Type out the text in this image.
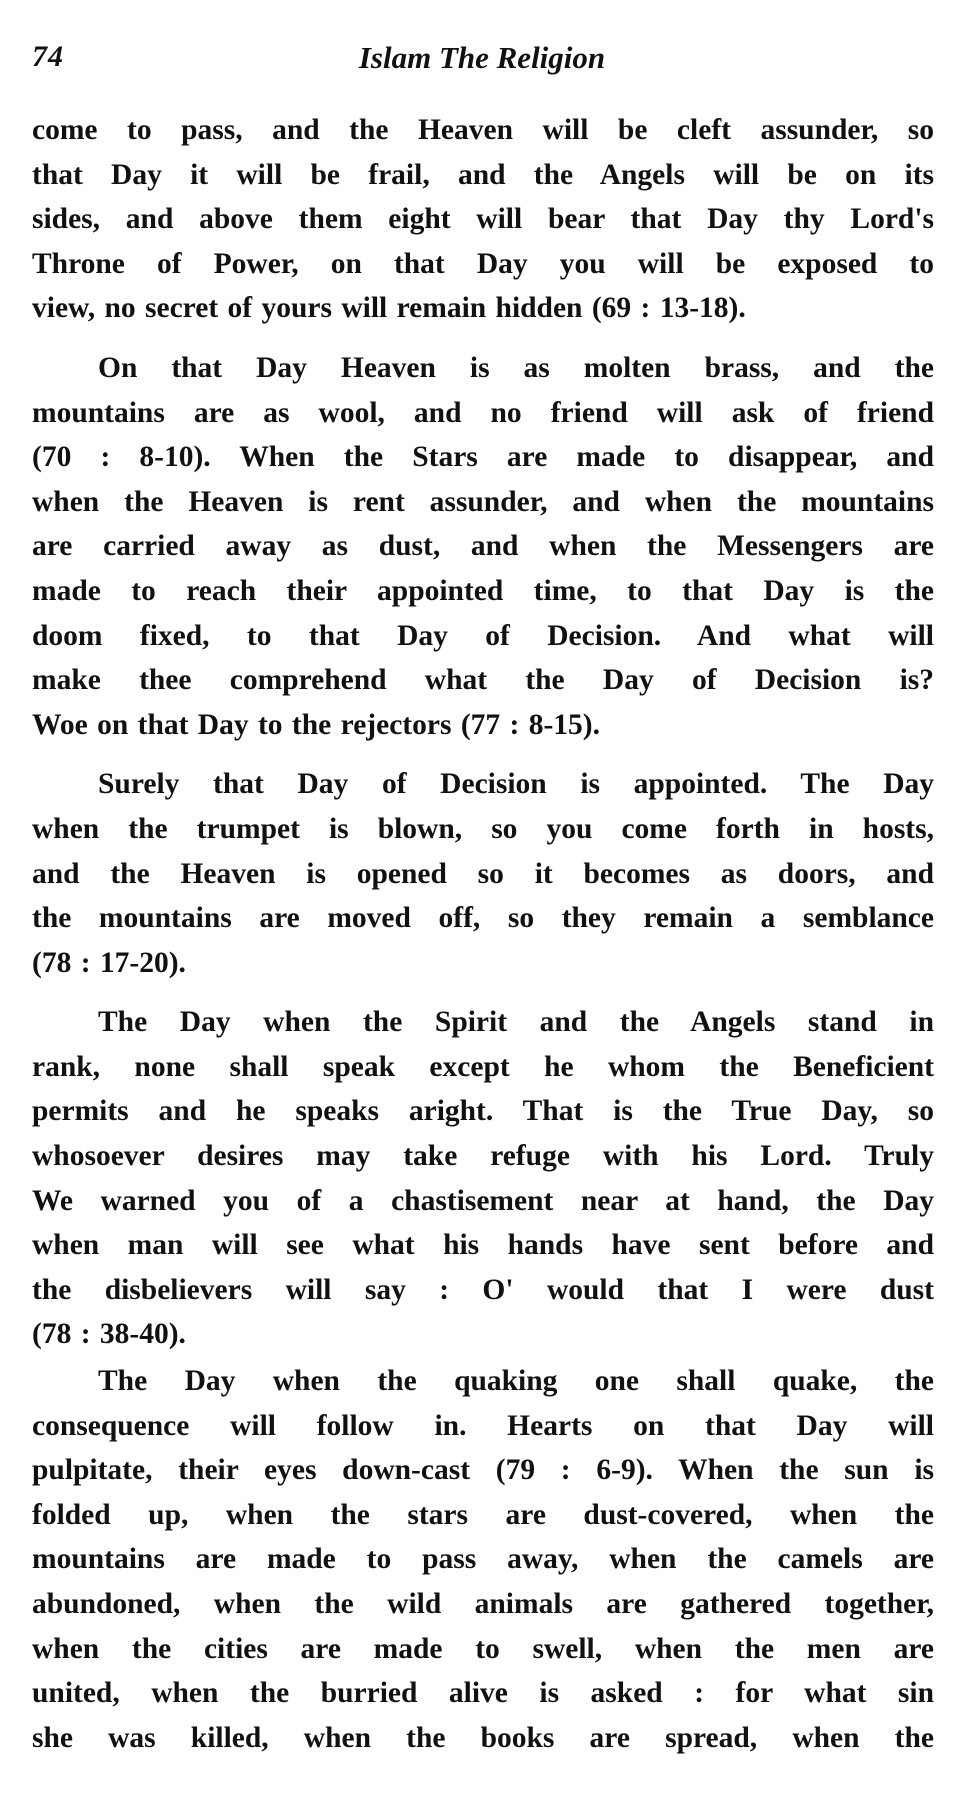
74	Islam The Religion

come to pass, and the Heaven will be cleft assunder, so
that Day it will be frail, and the Angels will be on its
sides, and above them eight will bear that Day thy Lord's
Throne of Power, on that Day you will be exposed to
view, no secret of yours will remain hidden (69 : 13-18).

On that Day Heaven is as molten brass, and the
mountains are as wool, and no friend will ask of friend
(70 : 8-10). When the Stars are made to disappear, and
when the Heaven is rent assunder, and when the mountains
are carried away as dust, and when the Messengers are
made to reach their appointed time, to that Day is the
doom fixed, to that Day of Decision. And what will
make thee comprehend what the Day of Decision is?
Woe on that Day to the rejectors (77 : 8-15).

Surely that Day of Decision is appointed. The Day
when the trumpet is blown, so you come forth in hosts,
and the Heaven is opened so it becomes as doors, and
the mountains are moved off, so they remain a semblance
(78 : 17-20).

The Day when the Spirit and the Angels stand in
rank, none shall speak except he whom the Beneficient
permits and he speaks aright. That is the True Day, so
whosoever desires may take refuge with his Lord. Truly
We warned you of a chastisement near at hand, the Day
when man will see what his hands have sent before and
the disbelievers will say : O' would that I were dust
(78 : 38-40).

The Day when the quaking one shall quake, the
consequence will follow in. Hearts on that Day will
pulpitate, their eyes down-cast (79 : 6-9). When the sun is
folded up, when the stars are dust-covered, when the
mountains are made to pass away, when the camels are
abundoned, when the wild animals are gathered together,
when the cities are made to swell, when the men are
united, when the burried alive is asked : for what sin
she was killed, when the books are spread, when the
